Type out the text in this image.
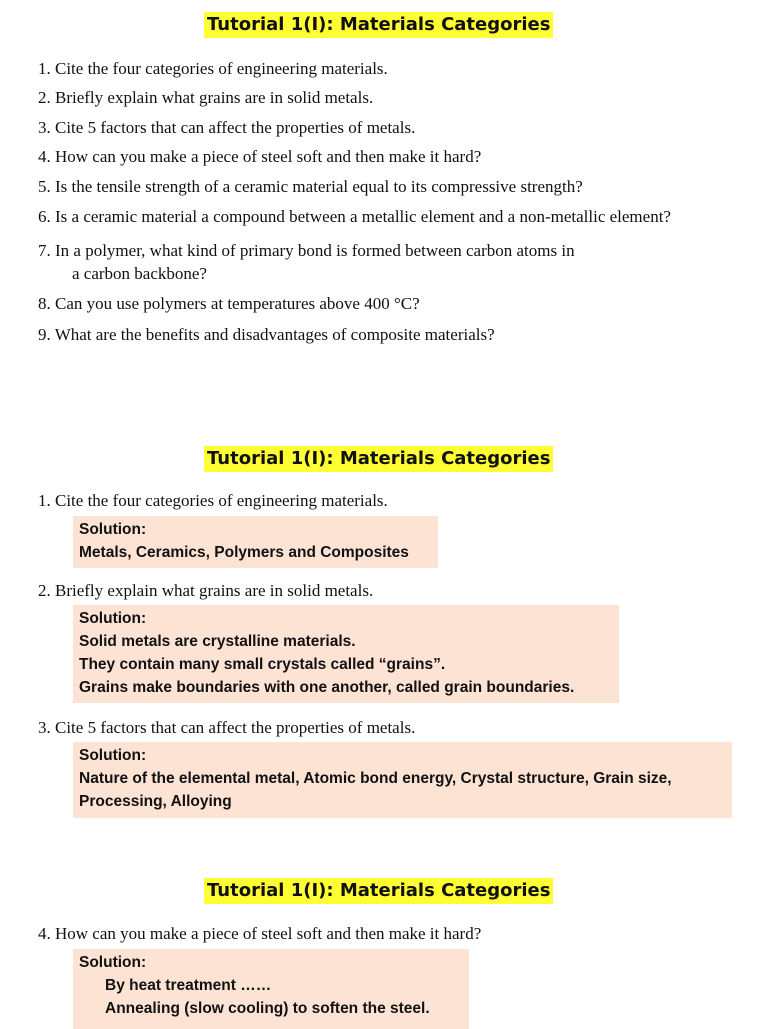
Tutorial 1(I): Materials Categories
1. Cite the four categories of engineering materials.
2. Briefly explain what grains are in solid metals.
3. Cite 5 factors that can affect the properties of metals.
4. How can you make a piece of steel soft and then make it hard?
5. Is the tensile strength of a ceramic material equal to its compressive strength?
6. Is a ceramic material a compound between a metallic element and a non-metallic element?
7. In a polymer, what kind of primary bond is formed between carbon atoms in
a carbon backbone?
8. Can you use polymers at temperatures above 400 °C?
9. What are the benefits and disadvantages of composite materials?
Tutorial 1(I): Materials Categories
1. Cite the four categories of engineering materials.
Solution:
Metals, Ceramics, Polymers and Composites
2. Briefly explain what grains are in solid metals.
Solution:
Solid metals are crystalline materials.
They contain many small crystals called “grains”.
Grains make boundaries with one another, called grain boundaries.
3. Cite 5 factors that can affect the properties of metals.
Solution:
Nature of the elemental metal, Atomic bond energy, Crystal structure, Grain size,
Processing, Alloying
Tutorial 1(I): Materials Categories
4. How can you make a piece of steel soft and then make it hard?
Solution:
By heat treatment ……
Annealing (slow cooling) to soften the steel.
